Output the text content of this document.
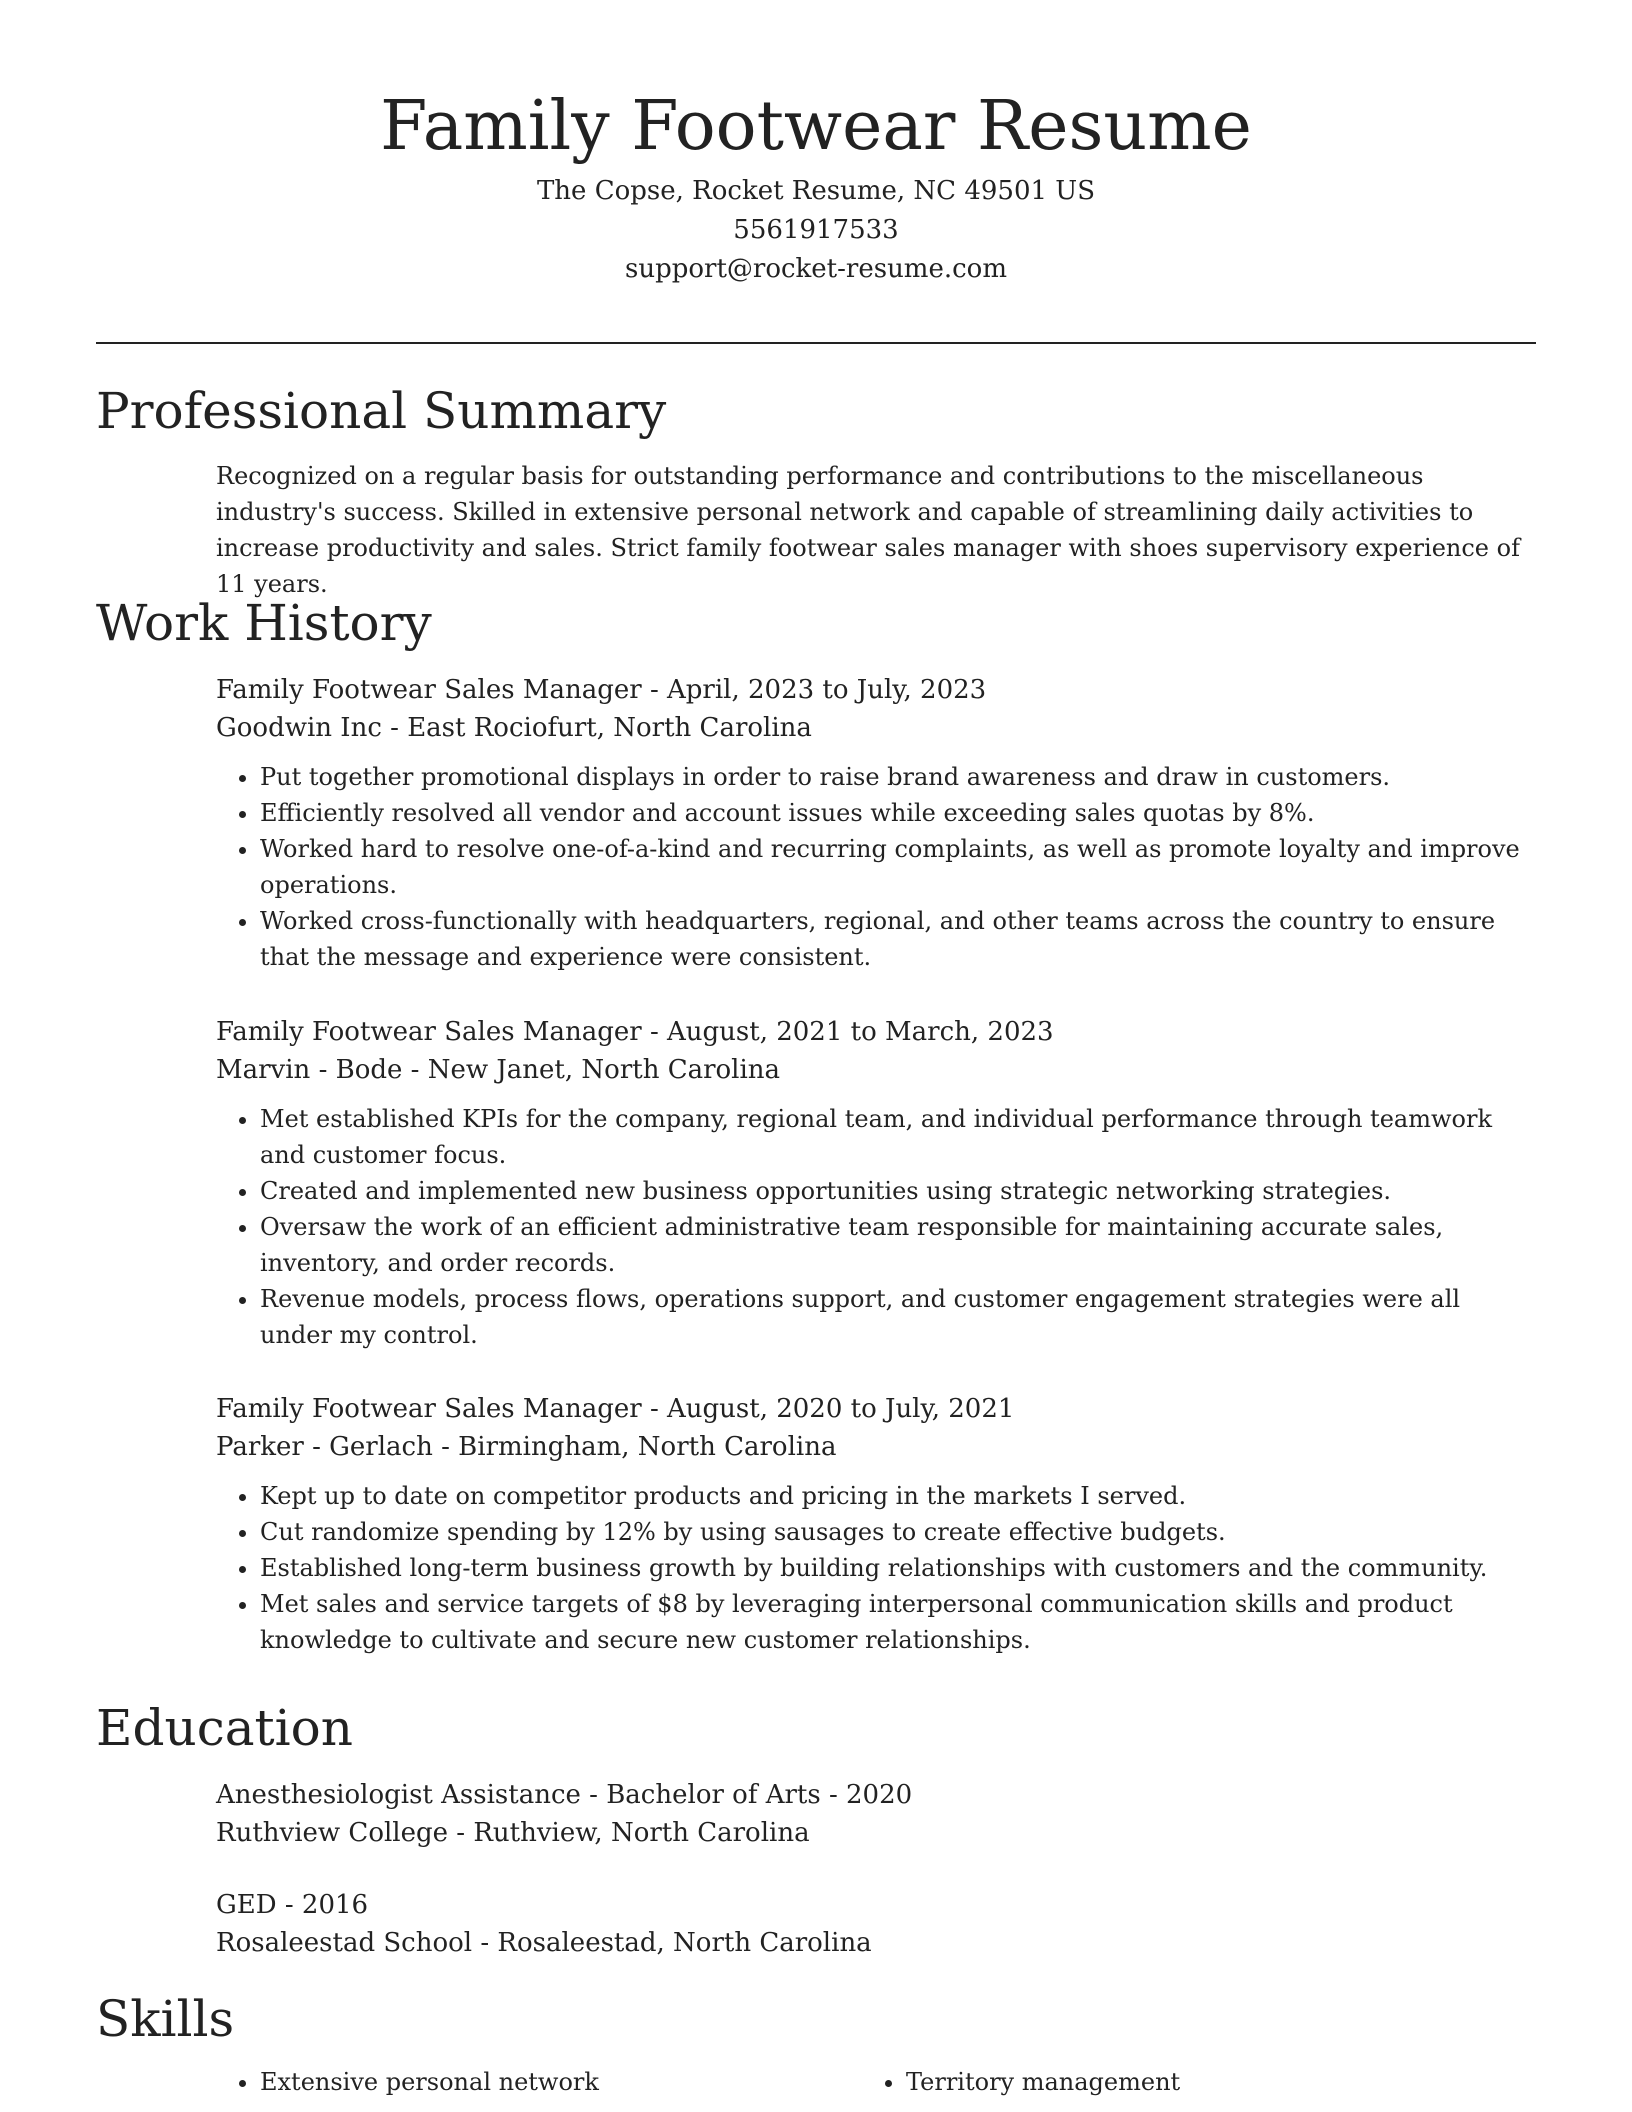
Family Footwear Resume

The Copse, Rocket Resume, NC 49501 US

5561917533

support@rocket-resume.com

Professional Summary

Recognized on a regular basis for outstanding performance and contributions to the miscellaneous industry's success. Skilled in extensive personal network and capable of streamlining daily activities to increase productivity and sales. Strict family footwear sales manager with shoes supervisory experience of 11 years.

Work History

Family Footwear Sales Manager - April, 2023 to July, 2023

Goodwin Inc - East Rociofurt, North Carolina

• Put together promotional displays in order to raise brand awareness and draw in customers.
• Efficiently resolved all vendor and account issues while exceeding sales quotas by 8%.
• Worked hard to resolve one-of-a-kind and recurring complaints, as well as promote loyalty and improve operations.
• Worked cross-functionally with headquarters, regional, and other teams across the country to ensure that the message and experience were consistent.

Family Footwear Sales Manager - August, 2021 to March, 2023

Marvin - Bode - New Janet, North Carolina

• Met established KPIs for the company, regional team, and individual performance through teamwork and customer focus.
• Created and implemented new business opportunities using strategic networking strategies.
• Oversaw the work of an efficient administrative team responsible for maintaining accurate sales, inventory, and order records.
• Revenue models, process flows, operations support, and customer engagement strategies were all under my control.

Family Footwear Sales Manager - August, 2020 to July, 2021

Parker - Gerlach - Birmingham, North Carolina

• Kept up to date on competitor products and pricing in the markets I served.
• Cut randomize spending by 12% by using sausages to create effective budgets.
• Established long-term business growth by building relationships with customers and the community.
• Met sales and service targets of $8 by leveraging interpersonal communication skills and product knowledge to cultivate and secure new customer relationships.
Education

Anesthesiologist Assistance - Bachelor of Arts - 2020

Ruthview College - Ruthview, North Carolina

GED - 2016

Rosaleestad School - Rosaleestad, North Carolina

Skills
• Extensive personal network
•	Territory management
